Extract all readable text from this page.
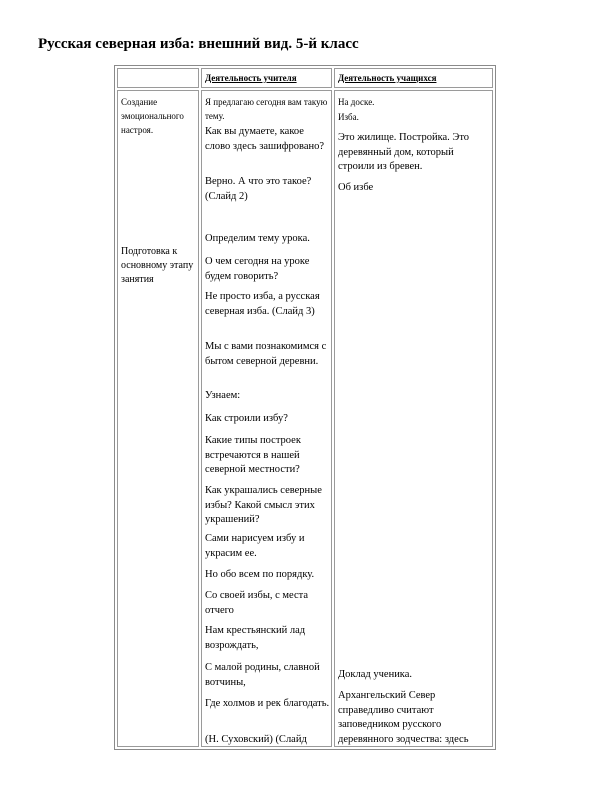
Русская северная изба: внешний вид. 5-й класс
Деятельность учителя	Деятельность учащихся
Создание эмоционального настроя.
Подготовка к основному этапу занятия
Я предлагаю сегодня вам такую тему.
Как вы думаете, какое слово здесь зашифровано?
Верно. А что это такое? (Слайд 2)
Определим тему урока.
О чем сегодня на уроке будем говорить?
Не просто изба, а русская северная изба. (Слайд 3)
Мы с вами познакомимся с бытом северной деревни.
Узнаем:
Как строили избу?
Какие типы построек встречаются в нашей северной местности?
Как украшались северные избы? Какой смысл этих украшений?
Сами нарисуем избу и украсим ее.
Но обо всем по порядку.
Со своей избы, с места отчего
Нам крестьянский лад возрождать,
С малой родины, славной вотчины,
Где холмов и рек благодать.
(Н. Суховский) (Слайд
На доске.
Изба.
Это жилище. Постройка. Это деревянный дом, который строили из бревен.
Об избе
Доклад ученика.
Архангельский Север справедливо считают заповедником русского деревянного зодчества: здесь
